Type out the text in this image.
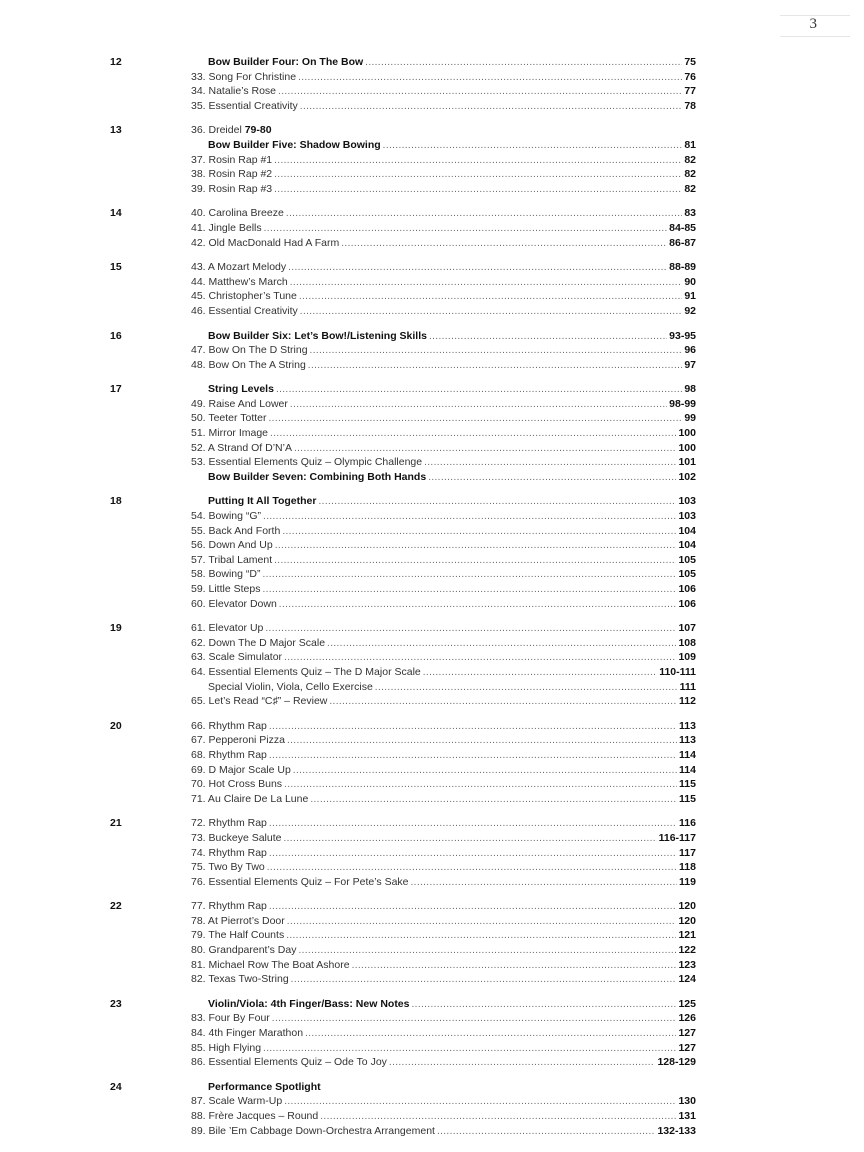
3
12	Bow Builder Four: On The Bow . . .	75
33. Song For Christine . . .	76
34. Natalie’s Rose . . .	77
35. Essential Creativity . . .	78
13	36. Dreidel 79-80
Bow Builder Five: Shadow Bowing . . .	81
37. Rosin Rap #1 . . .	82
38. Rosin Rap #2 . . .	82
39. Rosin Rap #3 . . .	82
14	40. Carolina Breeze . . .	83
41. Jingle Bells . . .	84-85
42. Old MacDonald Had A Farm . . .	86-87
15	43. A Mozart Melody . . .	88-89
44. Matthew’s March . . .	90
45. Christopher’s Tune . . .	91
46. Essential Creativity . . .	92
16	Bow Builder Six: Let’s Bow!/Listening Skills . . .	93-95
47. Bow On The D String . . .	96
48. Bow On The A String . . .	97
17	String Levels . . .	98
49. Raise And Lower . . .	98-99
50. Teeter Totter . . .	99
51. Mirror Image . . .	100
52. A Strand Of D’N’A . . .	100
53. Essential Elements Quiz – Olympic Challenge . . .	101
Bow Builder Seven: Combining Both Hands . . .	102
18	Putting It All Together . . .	103
54. Bowing “G” . . .	103
55. Back And Forth . . .	104
56. Down And Up . . .	104
57. Tribal Lament . . .	105
58. Bowing “D” . . .	105
59. Little Steps . . .	106
60. Elevator Down . . .	106
19	61. Elevator Up . . .	107
62. Down The D Major Scale . . .	108
63. Scale Simulator . . .	109
64. Essential Elements Quiz – The D Major Scale . . .	110-111
Special Violin, Viola, Cello Exercise . . .	111
65. Let’s Read “C♯” – Review . . .	112
20	66. Rhythm Rap . . .	113
67. Pepperoni Pizza . . .	113
68. Rhythm Rap . . .	114
69. D Major Scale Up . . .	114
70. Hot Cross Buns . . .	115
71. Au Claire De La Lune . . .	115
21	72. Rhythm Rap . . .	116
73. Buckeye Salute . . .	116-117
74. Rhythm Rap . . .	117
75. Two By Two . . .	118
76. Essential Elements Quiz – For Pete’s Sake . . .	119
22	77. Rhythm Rap . . .	120
78. At Pierrot’s Door . . .	120
79. The Half Counts . . .	121
80. Grandparent’s Day . . .	122
81. Michael Row The Boat Ashore . . .	123
82. Texas Two-String . . .	124
23	Violin/Viola: 4th Finger/Bass: New Notes . . .	125
83. Four By Four . . .	126
84. 4th Finger Marathon . . .	127
85. High Flying . . .	127
86. Essential Elements Quiz – Ode To Joy . . .	128-129
24	Performance Spotlight
87. Scale Warm-Up . . .	130
88. Frère Jacques – Round . . .	131
89. Bile ’Em Cabbage Down-Orchestra Arrangement . . .	132-133
